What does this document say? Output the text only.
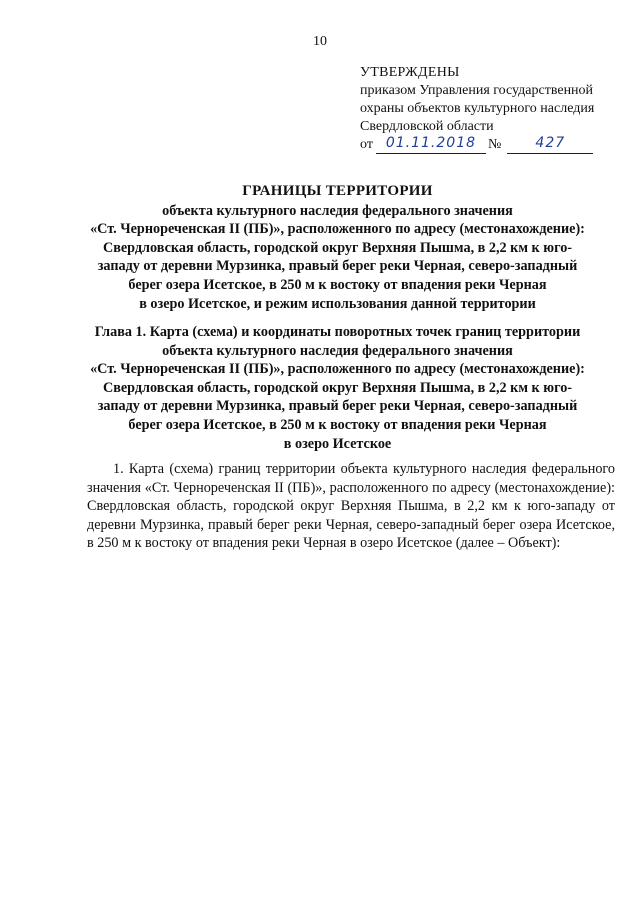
10
УТВЕРЖДЕНЫ
приказом Управления государственной
охраны объектов культурного наследия
Свердловской области
от 01.11.2018 №	427
ГРАНИЦЫ ТЕРРИТОРИИ
объекта культурного наследия федерального значения
«Ст. Чернореченская II (ПБ)», расположенного по адресу (местонахождение):
Свердловская область, городской округ Верхняя Пышма, в 2,2 км к юго-
западу от деревни Мурзинка, правый берег реки Черная, северо-западный
берег озера Исетское, в 250 м к востоку от впадения реки Черная
в озеро Исетское, и режим использования данной территории
Глава 1. Карта (схема) и координаты поворотных точек границ территории
объекта культурного наследия федерального значения
«Ст. Чернореченская II (ПБ)», расположенного по адресу (местонахождение):
Свердловская область, городской округ Верхняя Пышма, в 2,2 км к юго-
западу от деревни Мурзинка, правый берег реки Черная, северо-западный
берег озера Исетское, в 250 м к востоку от впадения реки Черная
в озеро Исетское
1. Карта (схема) границ территории объекта культурного наследия федерального значения «Ст. Чернореченская II (ПБ)», расположенного по адресу (местонахождение): Свердловская область, городской округ Верхняя Пышма, в 2,2 км к юго-западу от деревни Мурзинка, правый берег реки Черная, северо-западный берег озера Исетское, в 250 м к востоку от впадения реки Черная в озеро Исетское (далее – Объект):
